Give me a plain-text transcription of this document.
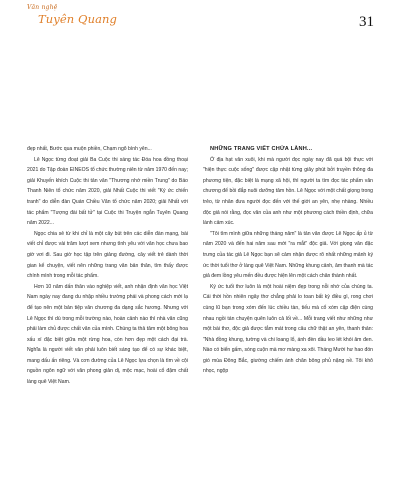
Văn nghệ
Tuyên Quang	31

đẹp nhất, Bước qua muộn phiền, Chạm ngõ bình yên...

Lê Ngọc từng đoạt giải Ba Cuộc thi sáng tác Ðóa hoa đồng thoại 2021 do Tập đoàn EINEOS tổ chức thường niên từ năm 1970 đến nay; giải Khuyến khích Cuộc thi tản văn "Thương nhớ miền Trung" do Báo Thanh Niên tổ chức năm 2020, giải Nhất Cuộc thi viết "Ký ức chiến tranh" do diễn đàn Quán Chiều Văn tổ chức năm 2020; giải Nhất với tác phẩm "Tượng đài bất tử" tại Cuộc thi Truyện ngắn Tuyên Quang năm 2022...

Ngọc chia sẻ từ khi chỉ là một cây bút trên các diễn đàn mạng, bài viết chỉ được vài trăm lượt xem nhưng tình yêu với văn học chưa bao giờ vơi đi. Sau giờ học tập trên giảng đường, cây viết trẻ dành thời gian kể chuyện, viết nên những trang văn bản thân, tìm thấy được chính mình trong mỗi tác phẩm.

Hơn 10 năm dấn thân vào nghiệp viết, anh nhận định văn học Việt Nam ngày nay đang du nhập nhiều trường phái và phong cách mới lạ để tạo nên một bản tiệp văn chương đa dạng sắc hương. Nhưng với Lê Ngọc thì dù trong mỗi trường nào, hoàn cảnh nào thì nhà văn cũng phải làm chủ được chất văn của mình. Chúng ta thả tâm một bông hoa xấu xí đặc biệt giữa một rừng hoa, còn hơn đẹp một cách đại trà. Nghĩa là người viết văn phải luôn biết sáng tạo để có sự khác biệt, mang dấu ấn riêng. Và cơn đường của Lê Ngọc lựa chọn là tìm về cội nguồn ngôn ngữ với văn phong giản dị, mộc mạc, hoài cổ đậm chất làng quê Việt Nam.

NHỮNG TRANG VIẾT CHỨA LÀNH...

Ở địa hạt văn xuôi, khi mà người đọc ngày nay đã quá bội thực với "hiện thực cuộc sống" được cập nhật từng giây phút bởi truyền thông đa phương tiện, đặc biệt là mạng xã hội, thì người ta tìm đọc tác phẩm văn chương để bồi đắp nuôi dưỡng tâm hồn. Lê Ngọc với một chất giọng trong trẻo, từ nhân đưa người đọc đến với thế giới an yên, nhẹ nhàng. Nhiều độc giả nói rằng, đọc văn của anh như một phương cách thiền định, chữa lành cảm xúc.

"Tôi tìm mình giữa những tháng năm" là tản văn được Lê Ngọc ấp ủ từ năm 2020 và đến hai năm sau mới "ra mắt" độc giả. Với giọng văn đặc trưng của tác giả Lê Ngọc bạn sẽ cảm nhận được rõ nhất những mảnh ký ức thời tuổi thơ ở làng quê Việt Nam. Những khung cảnh, âm thanh mà tác giả đem lồng yêu mến đều được hiện lên một cách chân thành nhất.

Ký ức tuổi thơ luôn là một hoài niệm đẹp trong nỗi nhớ của chúng ta. Cái thời hồn nhiên ngây thơ chẳng phải lo toan bất kỳ điều gì, rong chơi cùng lũ bạn trong xóm đến lúc chiều tàn, tiếu mà cổ xóm cập điện cùng nhau ngồi tán chuyện quên luôn cả lối về... Mỗi trang viết như những như một bài thơ, độc giả được tắm mát trong câu chữ thật an yên, thanh thản: "Nhà đồng khung, tường và chi loang lổ, ánh đèn dầu leo lét khói âm đen. Nào có biển gấm, sóng cuộn mà mơ màng xa xôi. Tháng Mười hư hao đón gió mùa Đông Bắc, giường chiếm ánh chăn bông phủ nặng nề. Tôi khô nhọc, ngộp
